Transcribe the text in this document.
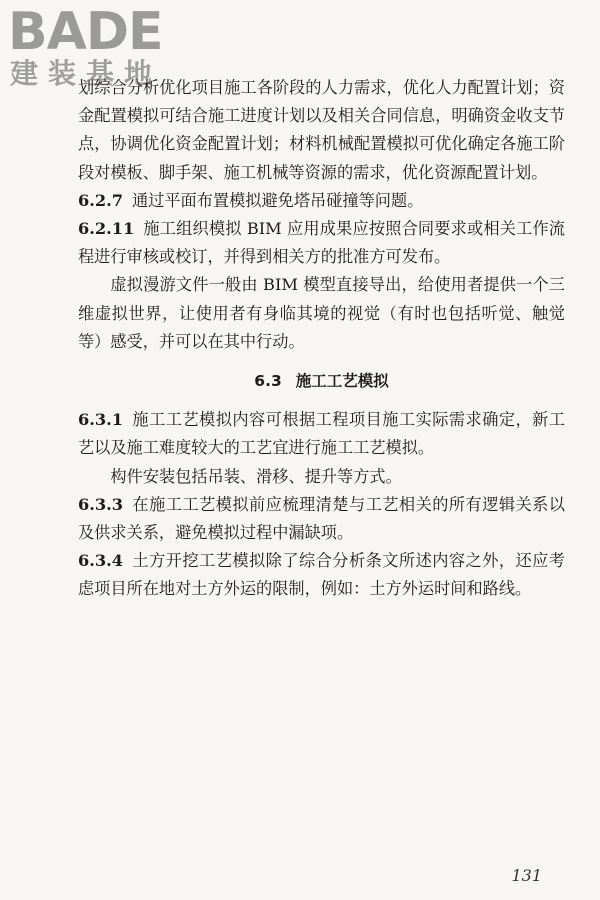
BADE
建装基地

划综合分析优化项目施工各阶段的人力需求，优化人力配置计划；资金配置模拟可结合施工进度计划以及相关合同信息，明确资金收支节点，协调优化资金配置计划；材料机械配置模拟可优化确定各施工阶段对模板、脚手架、施工机械等资源的需求，优化资源配置计划。

6.2.7 通过平面布置模拟避免塔吊碰撞等问题。

6.2.11 施工组织模拟 BIM 应用成果应按照合同要求或相关工作流程进行审核或校订，并得到相关方的批准方可发布。

虚拟漫游文件一般由 BIM 模型直接导出，给使用者提供一个三维虚拟世界，让使用者有身临其境的视觉（有时也包括听觉、触觉等）感受，并可以在其中行动。

6.3 施工工艺模拟

6.3.1 施工工艺模拟内容可根据工程项目施工实际需求确定，新工艺以及施工难度较大的工艺宜进行施工工艺模拟。

构件安装包括吊装、滑移、提升等方式。

6.3.3 在施工工艺模拟前应梳理清楚与工艺相关的所有逻辑关系以及供求关系，避免模拟过程中漏缺项。

6.3.4 土方开挖工艺模拟除了综合分析条文所述内容之外，还应考虑项目所在地对土方外运的限制，例如：土方外运时间和路线。

131
